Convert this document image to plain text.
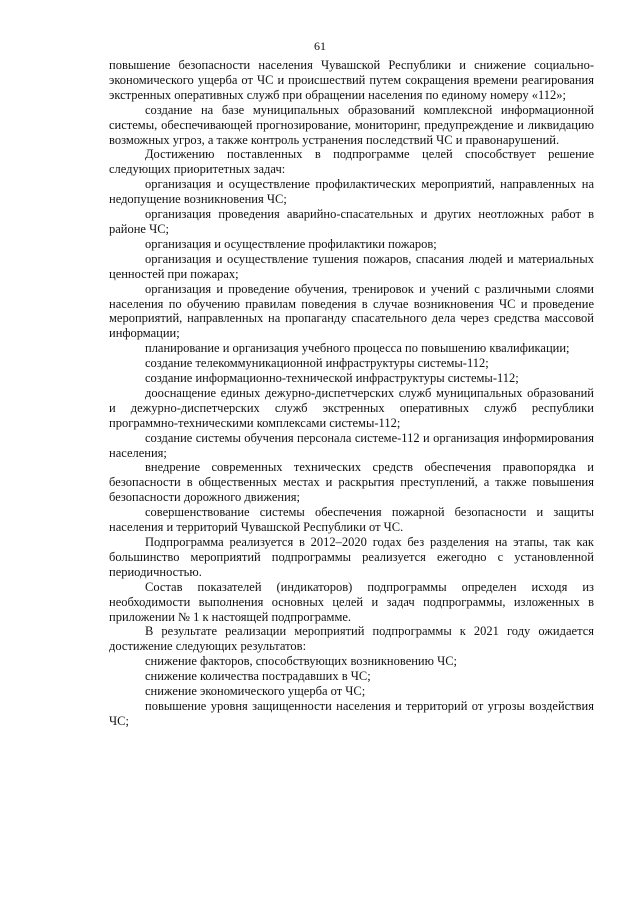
61

повышение безопасности населения Чувашской Республики и снижение социально-экономического ущерба от ЧС и происшествий путем сокращения времени реагирования экстренных оперативных служб при обращении населения по единому номеру «112»;

создание на базе муниципальных образований комплексной информационной системы, обеспечивающей прогнозирование, мониторинг, предупреждение и ликвидацию возможных угроз, а также контроль устранения последствий ЧС и правонарушений.

Достижению поставленных в подпрограмме целей способствует решение следующих приоритетных задач:

организация и осуществление профилактических мероприятий, направленных на недопущение возникновения ЧС;

организация проведения аварийно-спасательных и других неотложных работ в районе ЧС;

организация и осуществление профилактики пожаров;

организация и осуществление тушения пожаров, спасания людей и материальных ценностей при пожарах;

организация и проведение обучения, тренировок и учений с различными слоями населения по обучению правилам поведения в случае возникновения ЧС и проведение мероприятий, направленных на пропаганду спасательного дела через средства массовой информации;

планирование и организация учебного процесса по повышению квалификации;

создание телекоммуникационной инфраструктуры системы-112;

создание информационно-технической инфраструктуры системы-112;

дооснащение единых дежурно-диспетчерских служб муниципальных образований и дежурно-диспетчерских служб экстренных оперативных служб республики программно-техническими комплексами системы-112;

создание системы обучения персонала системе-112 и организация информирования населения;

внедрение современных технических средств обеспечения правопорядка и безопасности в общественных местах и раскрытия преступлений, а также повышения безопасности дорожного движения;

совершенствование системы обеспечения пожарной безопасности и защиты населения и территорий Чувашской Республики от ЧС.

Подпрограмма реализуется в 2012–2020 годах без разделения на этапы, так как большинство мероприятий подпрограммы реализуется ежегодно с установленной периодичностью.

Состав показателей (индикаторов) подпрограммы определен исходя из необходимости выполнения основных целей и задач подпрограммы, изложенных в приложении № 1 к настоящей подпрограмме.

В результате реализации мероприятий подпрограммы к 2021 году ожидается достижение следующих результатов:

снижение факторов, способствующих возникновению ЧС;

снижение количества пострадавших в ЧС;

снижение экономического ущерба от ЧС;

повышение уровня защищенности населения и территорий от угрозы воздействия ЧС;
